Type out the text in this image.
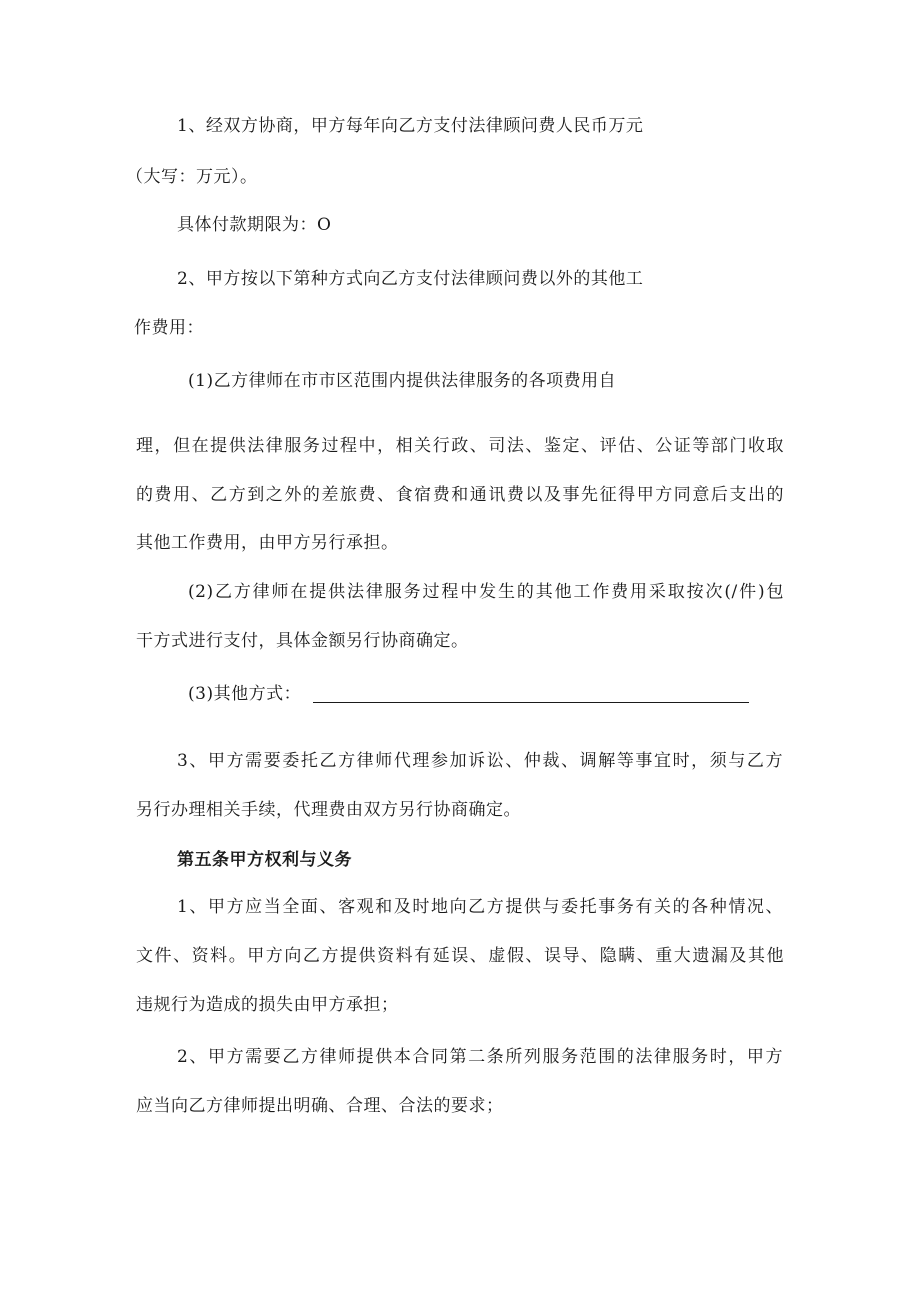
1、经双方协商，甲方每年向乙方支付法律顾问费人民币万元
（大写：万元）。
具体付款期限为：O
2、甲方按以下第种方式向乙方支付法律顾问费以外的其他工
作费用：
(1)乙方律师在市市区范围内提供法律服务的各项费用自
理，但在提供法律服务过程中，相关行政、司法、鉴定、评估、公证等部门收取
的费用、乙方到之外的差旅费、食宿费和通讯费以及事先征得甲方同意后支出的
其他工作费用，由甲方另行承担。
(2)乙方律师在提供法律服务过程中发生的其他工作费用采取按次(/件)包
干方式进行支付，具体金额另行协商确定。
(3)其他方式：
3、甲方需要委托乙方律师代理参加诉讼、仲裁、调解等事宜时，须与乙方
另行办理相关手续，代理费由双方另行协商确定。
第五条甲方权利与义务
1、甲方应当全面、客观和及时地向乙方提供与委托事务有关的各种情况、
文件、资料。甲方向乙方提供资料有延误、虚假、误导、隐瞒、重大遗漏及其他
违规行为造成的损失由甲方承担；
2、甲方需要乙方律师提供本合同第二条所列服务范围的法律服务时，甲方
应当向乙方律师提出明确、合理、合法的要求；
